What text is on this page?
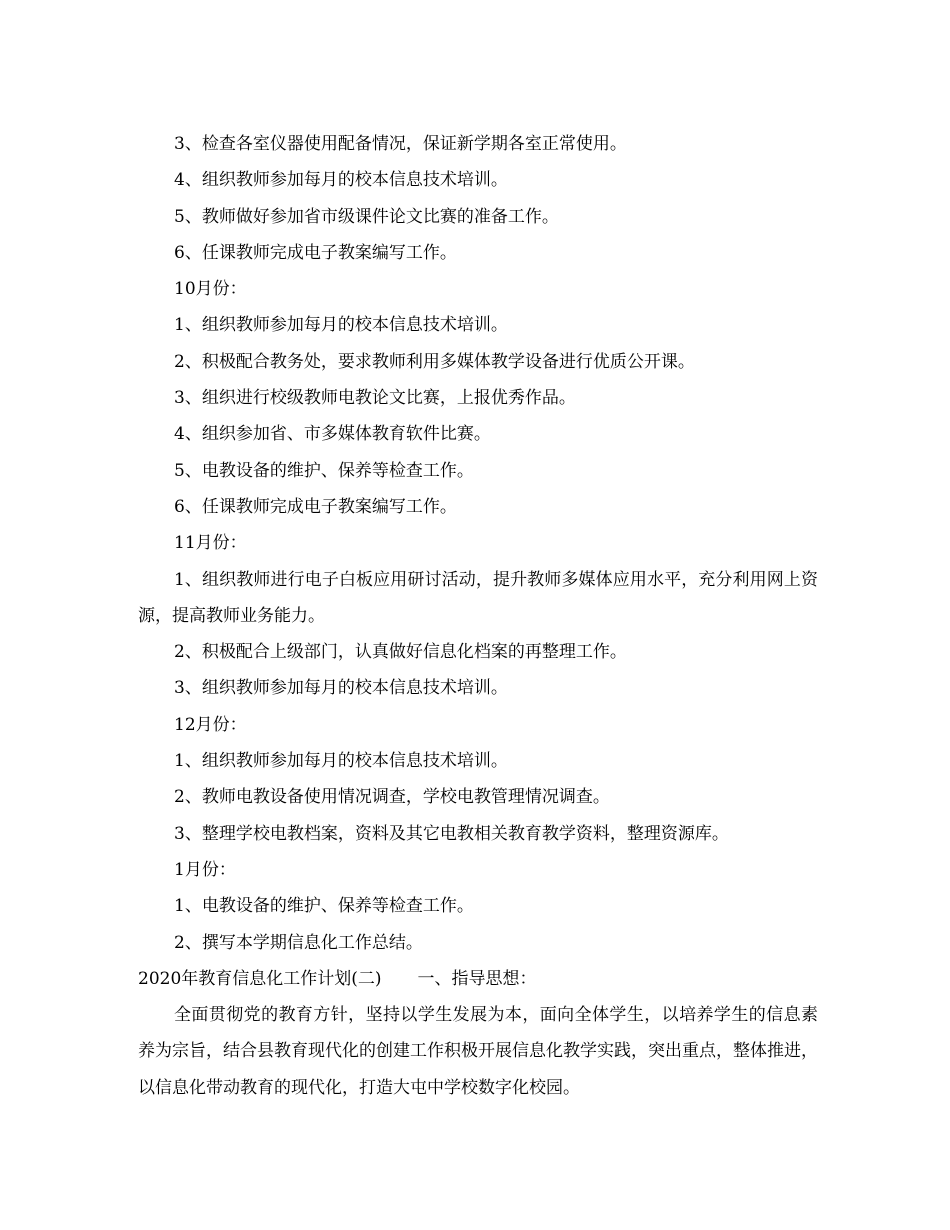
3、检查各室仪器使用配备情况，保证新学期各室正常使用。
4、组织教师参加每月的校本信息技术培训。
5、教师做好参加省市级课件论文比赛的准备工作。
6、任课教师完成电子教案编写工作。
10月份：
1、组织教师参加每月的校本信息技术培训。
2、积极配合教务处，要求教师利用多媒体教学设备进行优质公开课。
3、组织进行校级教师电教论文比赛，上报优秀作品。
4、组织参加省、市多媒体教育软件比赛。
5、电教设备的维护、保养等检查工作。
6、任课教师完成电子教案编写工作。
11月份：
1、组织教师进行电子白板应用研讨活动，提升教师多媒体应用水平，充分利用网上资源，提高教师业务能力。
2、积极配合上级部门，认真做好信息化档案的再整理工作。
3、组织教师参加每月的校本信息技术培训。
12月份：
1、组织教师参加每月的校本信息技术培训。
2、教师电教设备使用情况调查，学校电教管理情况调查。
3、整理学校电教档案，资料及其它电教相关教育教学资料，整理资源库。
1月份：
1、电教设备的维护、保养等检查工作。
2、撰写本学期信息化工作总结。
2020年教育信息化工作计划(二) 一、指导思想：
全面贯彻党的教育方针，坚持以学生发展为本，面向全体学生，以培养学生的信息素养为宗旨，结合县教育现代化的创建工作积极开展信息化教学实践，突出重点，整体推进，以信息化带动教育的现代化，打造大屯中学校数字化校园。
